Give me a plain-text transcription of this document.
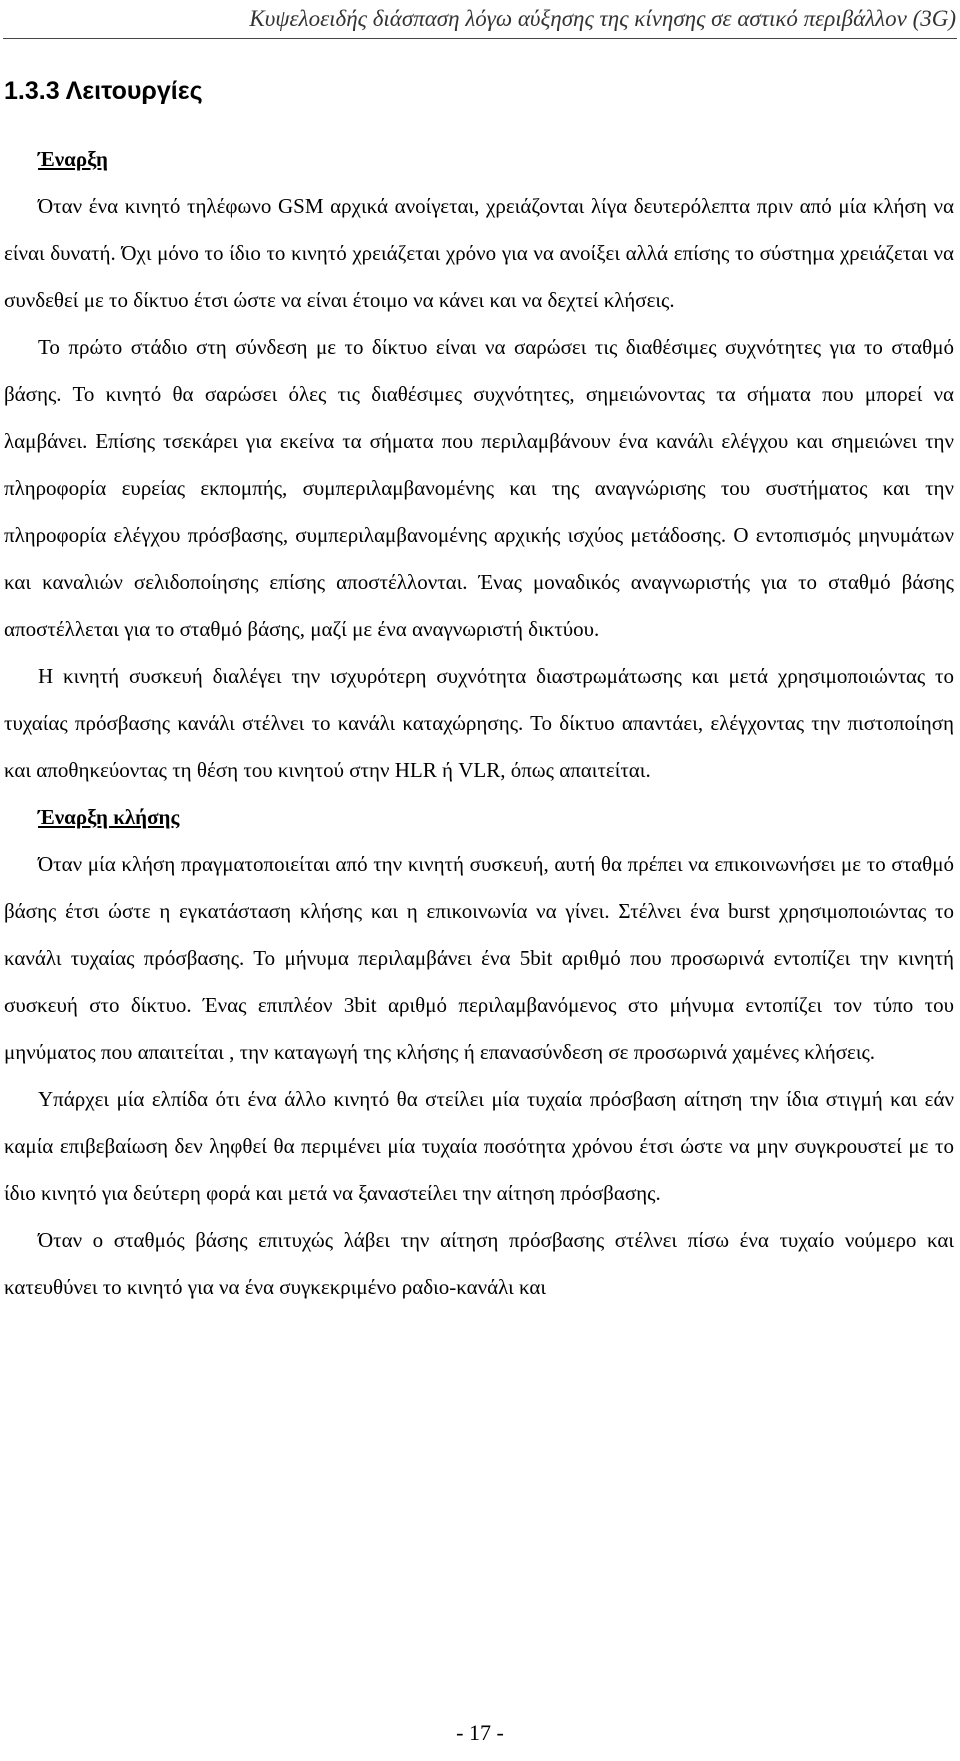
Κυψελοειδής διάσπαση λόγω αύξησης της κίνησης σε αστικό περιβάλλον (3G)
1.3.3 Λειτουργίες
Έναρξη

Όταν ένα κινητό τηλέφωνο GSM αρχικά ανοίγεται, χρειάζονται λίγα δευτερόλεπτα πριν από μία κλήση να είναι δυνατή. Όχι μόνο το ίδιο το κινητό χρειάζεται χρόνο για να ανοίξει αλλά επίσης το σύστημα χρειάζεται να συνδεθεί με το δίκτυο έτσι ώστε να είναι έτοιμο να κάνει και να δεχτεί κλήσεις.

Το πρώτο στάδιο στη σύνδεση με το δίκτυο είναι να σαρώσει τις διαθέσιμες συχνότητες για το σταθμό βάσης. Το κινητό θα σαρώσει όλες τις διαθέσιμες συχνότητες, σημειώνοντας τα σήματα που μπορεί να λαμβάνει. Επίσης τσεκάρει για εκείνα τα σήματα που περιλαμβάνουν ένα κανάλι ελέγχου και σημειώνει την πληροφορία ευρείας εκπομπής, συμπεριλαμβανομένης και της αναγνώρισης του συστήματος και την πληροφορία ελέγχου πρόσβασης, συμπεριλαμβανομένης αρχικής ισχύος μετάδοσης. Ο εντοπισμός μηνυμάτων και καναλιών σελιδοποίησης επίσης αποστέλλονται. Ένας μοναδικός αναγνωριστής για το σταθμό βάσης αποστέλλεται για το σταθμό βάσης, μαζί με ένα αναγνωριστή δικτύου.

Η κινητή συσκευή διαλέγει την ισχυρότερη συχνότητα διαστρωμάτωσης και μετά χρησιμοποιώντας το τυχαίας πρόσβασης κανάλι στέλνει το κανάλι καταχώρησης. Το δίκτυο απαντάει, ελέγχοντας την πιστοποίηση και αποθηκεύοντας τη θέση του κινητού στην HLR ή VLR, όπως απαιτείται.

Έναρξη κλήσης

Όταν μία κλήση πραγματοποιείται από την κινητή συσκευή, αυτή θα πρέπει να επικοινωνήσει με το σταθμό βάσης έτσι ώστε η εγκατάσταση κλήσης και η επικοινωνία να γίνει. Στέλνει ένα burst χρησιμοποιώντας το κανάλι τυχαίας πρόσβασης. Το μήνυμα περιλαμβάνει ένα 5bit αριθμό που προσωρινά εντοπίζει την κινητή συσκευή στο δίκτυο. Ένας επιπλέον 3bit αριθμό περιλαμβανόμενος στο μήνυμα εντοπίζει τον τύπο του μηνύματος που απαιτείται , την καταγωγή της κλήσης ή επανασύνδεση σε προσωρινά χαμένες κλήσεις.

Υπάρχει μία ελπίδα ότι ένα άλλο κινητό θα στείλει μία τυχαία πρόσβαση αίτηση την ίδια στιγμή και εάν καμία επιβεβαίωση δεν ληφθεί θα περιμένει μία τυχαία ποσότητα χρόνου έτσι ώστε να μην συγκρουστεί με το ίδιο κινητό για δεύτερη φορά και μετά να ξαναστείλει την αίτηση πρόσβασης.

Όταν ο σταθμός βάσης επιτυχώς λάβει την αίτηση πρόσβασης στέλνει πίσω ένα τυχαίο νούμερο και κατευθύνει το κινητό για να ένα συγκεκριμένο ραδιο-κανάλι και

- 17 -
